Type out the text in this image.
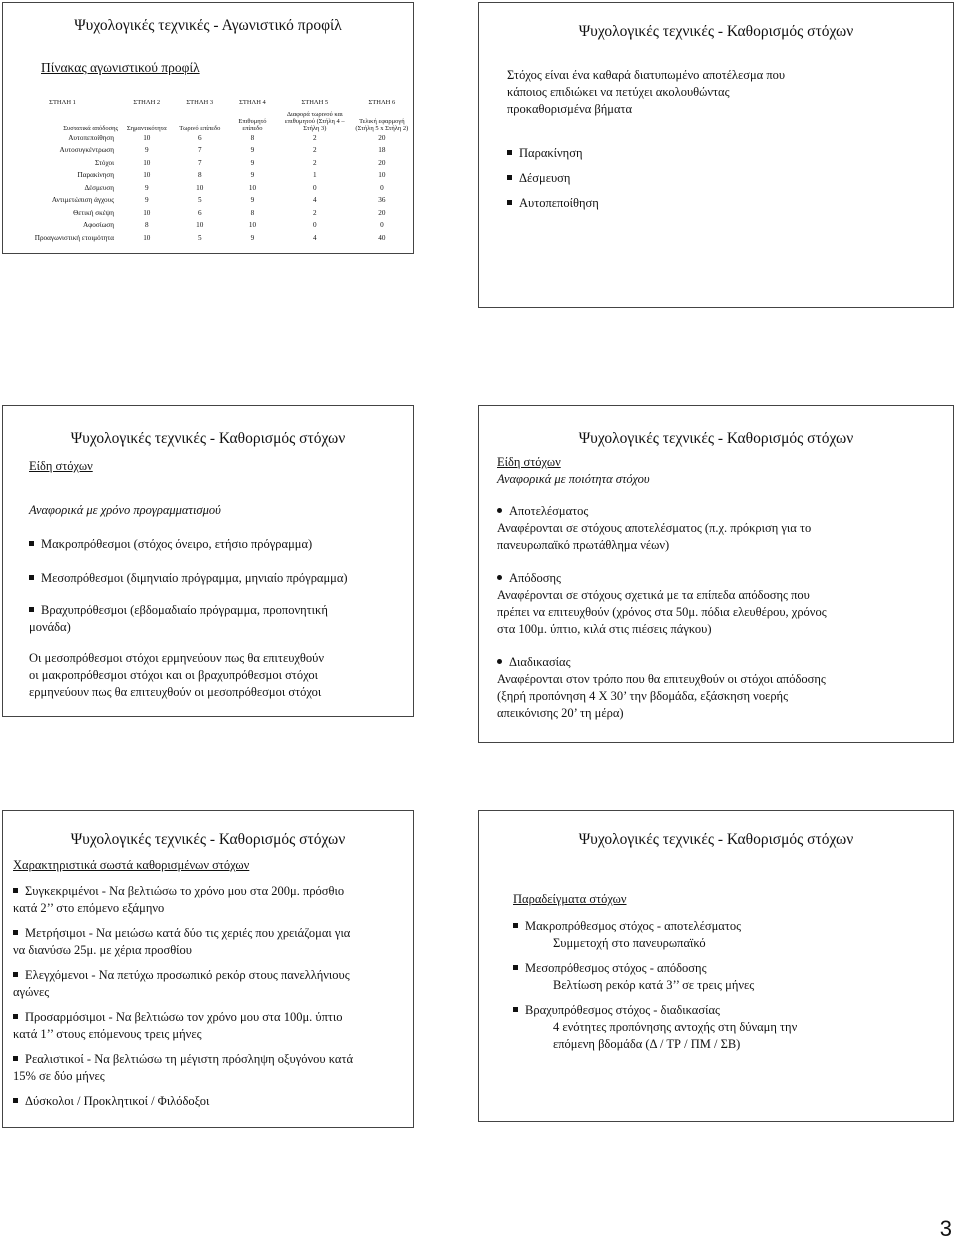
Ψυχολογικές τεχνικές - Αγωνιστικό προφίλ
Πίνακας αγωνιστικού προφίλ
ΣΤΗΛΗ 1	ΣΤΗΛΗ 2	ΣΤΗΛΗ 3	ΣΤΗΛΗ 4	ΣΤΗΛΗ 5	ΣΤΗΛΗ 6
Συστατικά απόδοσης	Σημαντικότητα	Τωρινό επίπεδο	Επιθυμητό επίπεδο	Διαφορά τωρινού και επιθυμητού (Στήλη 4 – Στήλη 3)	Τελική εφαρμογή (Στήλη 5 x Στήλη 2)
Αυτοπεποίθηση	10	6	8	2	20
Αυτοσυγκέντρωση	9	7	9	2	18
Στόχοι	10	7	9	2	20
Παρακίνηση	10	8	9	1	10
Δέσμευση	9	10	10	0	0
Αντιμετώπιση άγχους	9	5	9	4	36
Θετική σκέψη	10	6	8	2	20
Αφοσίωση	8	10	10	0	0
Προαγωνιστική ετοιμότητα	10	5	9	4	40
Ψυχολογικές τεχνικές - Καθορισμός στόχων
Στόχος είναι ένα καθαρά διατυπωμένο αποτέλεσμα που
κάποιος επιδιώκει να πετύχει ακολουθώντας
προκαθορισμένα βήματα
Παρακίνηση
Δέσμευση
Αυτοπεποίθηση
Ψυχολογικές τεχνικές - Καθορισμός στόχων
Είδη στόχων
Αναφορικά με χρόνο προγραμματισμού
Μακροπρόθεσμοι (στόχος όνειρο, ετήσιο πρόγραμμα)
Μεσοπρόθεσμοι (διμηνιαίο πρόγραμμα, μηνιαίο πρόγραμμα)
Βραχυπρόθεσμοι (εβδομαδιαίο πρόγραμμα, προπονητική
μονάδα)
Οι μεσοπρόθεσμοι στόχοι ερμηνεύουν πως θα επιτευχθούν
οι μακροπρόθεσμοι στόχοι και οι βραχυπρόθεσμοι στόχοι
ερμηνεύουν πως θα επιτευχθούν οι μεσοπρόθεσμοι στόχοι
Ψυχολογικές τεχνικές - Καθορισμός στόχων
Είδη στόχων
Αναφορικά με ποιότητα στόχου
Αποτελέσματος
Αναφέρονται σε στόχους αποτελέσματος (π.χ. πρόκριση για το
πανευρωπαϊκό πρωτάθλημα νέων)
Απόδοσης
Αναφέρονται σε στόχους σχετικά με τα επίπεδα απόδοσης που
πρέπει να επιτευχθούν (χρόνος στα 50μ. πόδια ελευθέρου, χρόνος
στα 100μ. ύπτιο, κιλά στις πιέσεις πάγκου)
Διαδικασίας
Αναφέρονται στον τρόπο που θα επιτευχθούν οι στόχοι απόδοσης
(ξηρή προπόνηση 4 Χ 30’ την βδομάδα, εξάσκηση νοερής
απεικόνισης 20’ τη μέρα)
Ψυχολογικές τεχνικές - Καθορισμός στόχων
Χαρακτηριστικά σωστά καθορισμένων στόχων
Συγκεκριμένοι - Να βελτιώσω το χρόνο μου στα 200μ. πρόσθιο
κατά 2’’ στο επόμενο εξάμηνο
Μετρήσιμοι - Να μειώσω κατά δύο τις χεριές που χρειάζομαι για
να διανύσω 25μ. με χέρια προσθίου
Ελεγχόμενοι - Να πετύχω προσωπικό ρεκόρ στους πανελλήνιους
αγώνες
Προσαρμόσιμοι - Να βελτιώσω τον χρόνο μου στα 100μ. ύπτιο
κατά 1’’ στους επόμενους τρεις μήνες
Ρεαλιστικοί - Να βελτιώσω τη μέγιστη πρόσληψη οξυγόνου κατά
15% σε δύο μήνες
Δύσκολοι / Προκλητικοί / Φιλόδοξοι
Ψυχολογικές τεχνικές - Καθορισμός στόχων
Παραδείγματα στόχων
Μακροπρόθεσμος στόχος - αποτελέσματος
Συμμετοχή στο πανευρωπαϊκό
Μεσοπρόθεσμος στόχος - απόδοσης
Βελτίωση ρεκόρ κατά 3’’ σε τρεις μήνες
Βραχυπρόθεσμος στόχος - διαδικασίας
4 ενότητες προπόνησης αντοχής στη δύναμη την
επόμενη βδομάδα (Δ / ΤΡ / ΠΜ / ΣΒ)
3
